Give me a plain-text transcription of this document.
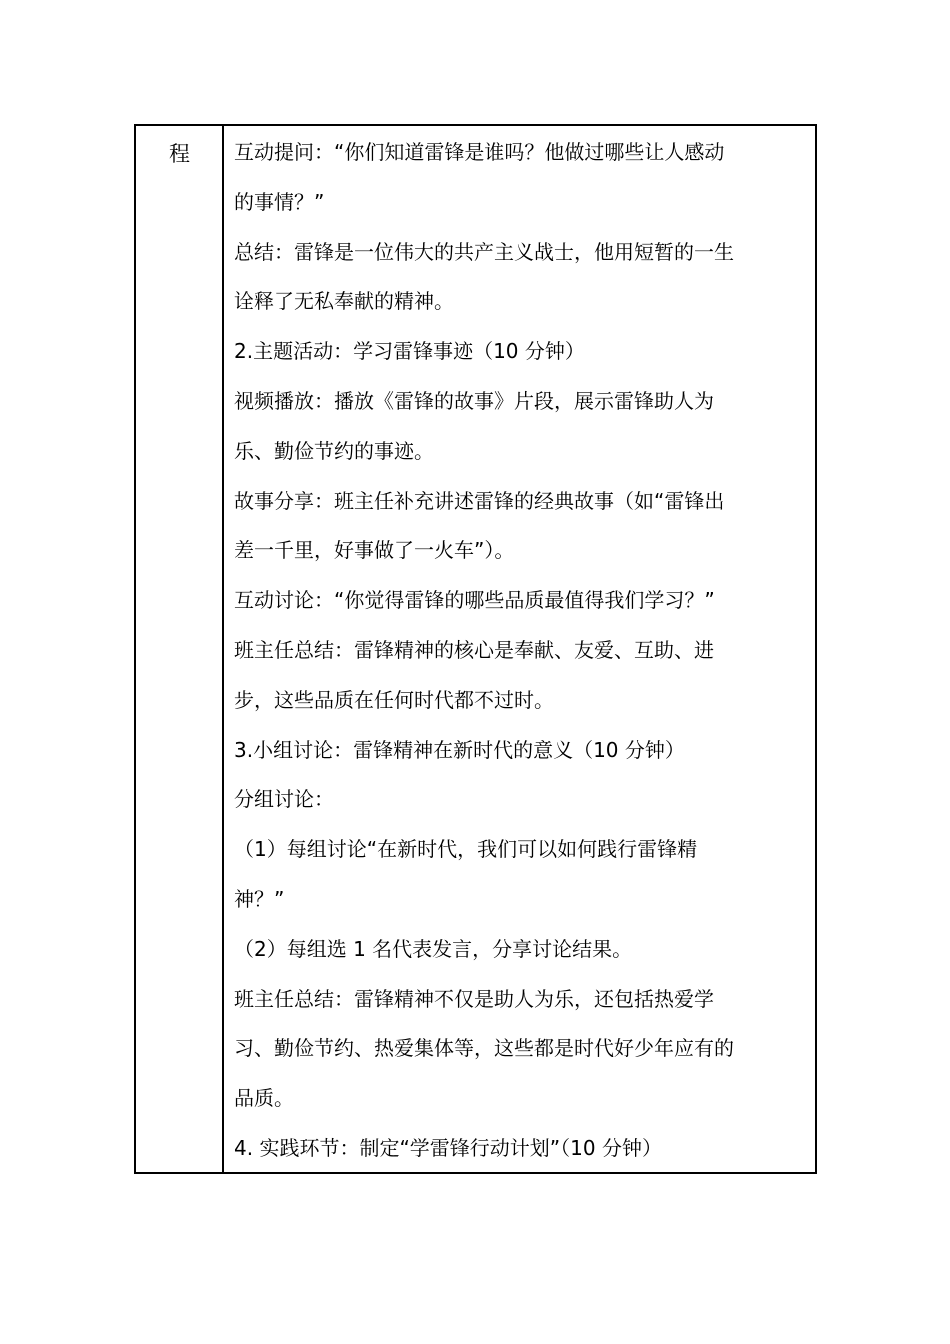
程 互动提问：“你们知道雷锋是谁吗？他做过哪些让人感动
的事情？”
总结：雷锋是一位伟大的共产主义战士，他用短暂的一生
诠释了无私奉献的精神。
2.主题活动：学习雷锋事迹（10 分钟）
视频播放：播放《雷锋的故事》片段，展示雷锋助人为
乐、勤俭节约的事迹。
故事分享：班主任补充讲述雷锋的经典故事（如“雷锋出
差一千里，好事做了一火车”）。
互动讨论：“你觉得雷锋的哪些品质最值得我们学习？”
班主任总结：雷锋精神的核心是奉献、友爱、互助、进
步，这些品质在任何时代都不过时。
3.小组讨论：雷锋精神在新时代的意义（10 分钟）
分组讨论：
（1）每组讨论“在新时代，我们可以如何践行雷锋精
神？”
（2）每组选 1 名代表发言，分享讨论结果。
班主任总结：雷锋精神不仅是助人为乐，还包括热爱学
习、勤俭节约、热爱集体等，这些都是时代好少年应有的
品质。
4. 实践环节：制定“学雷锋行动计划”（10 分钟）
